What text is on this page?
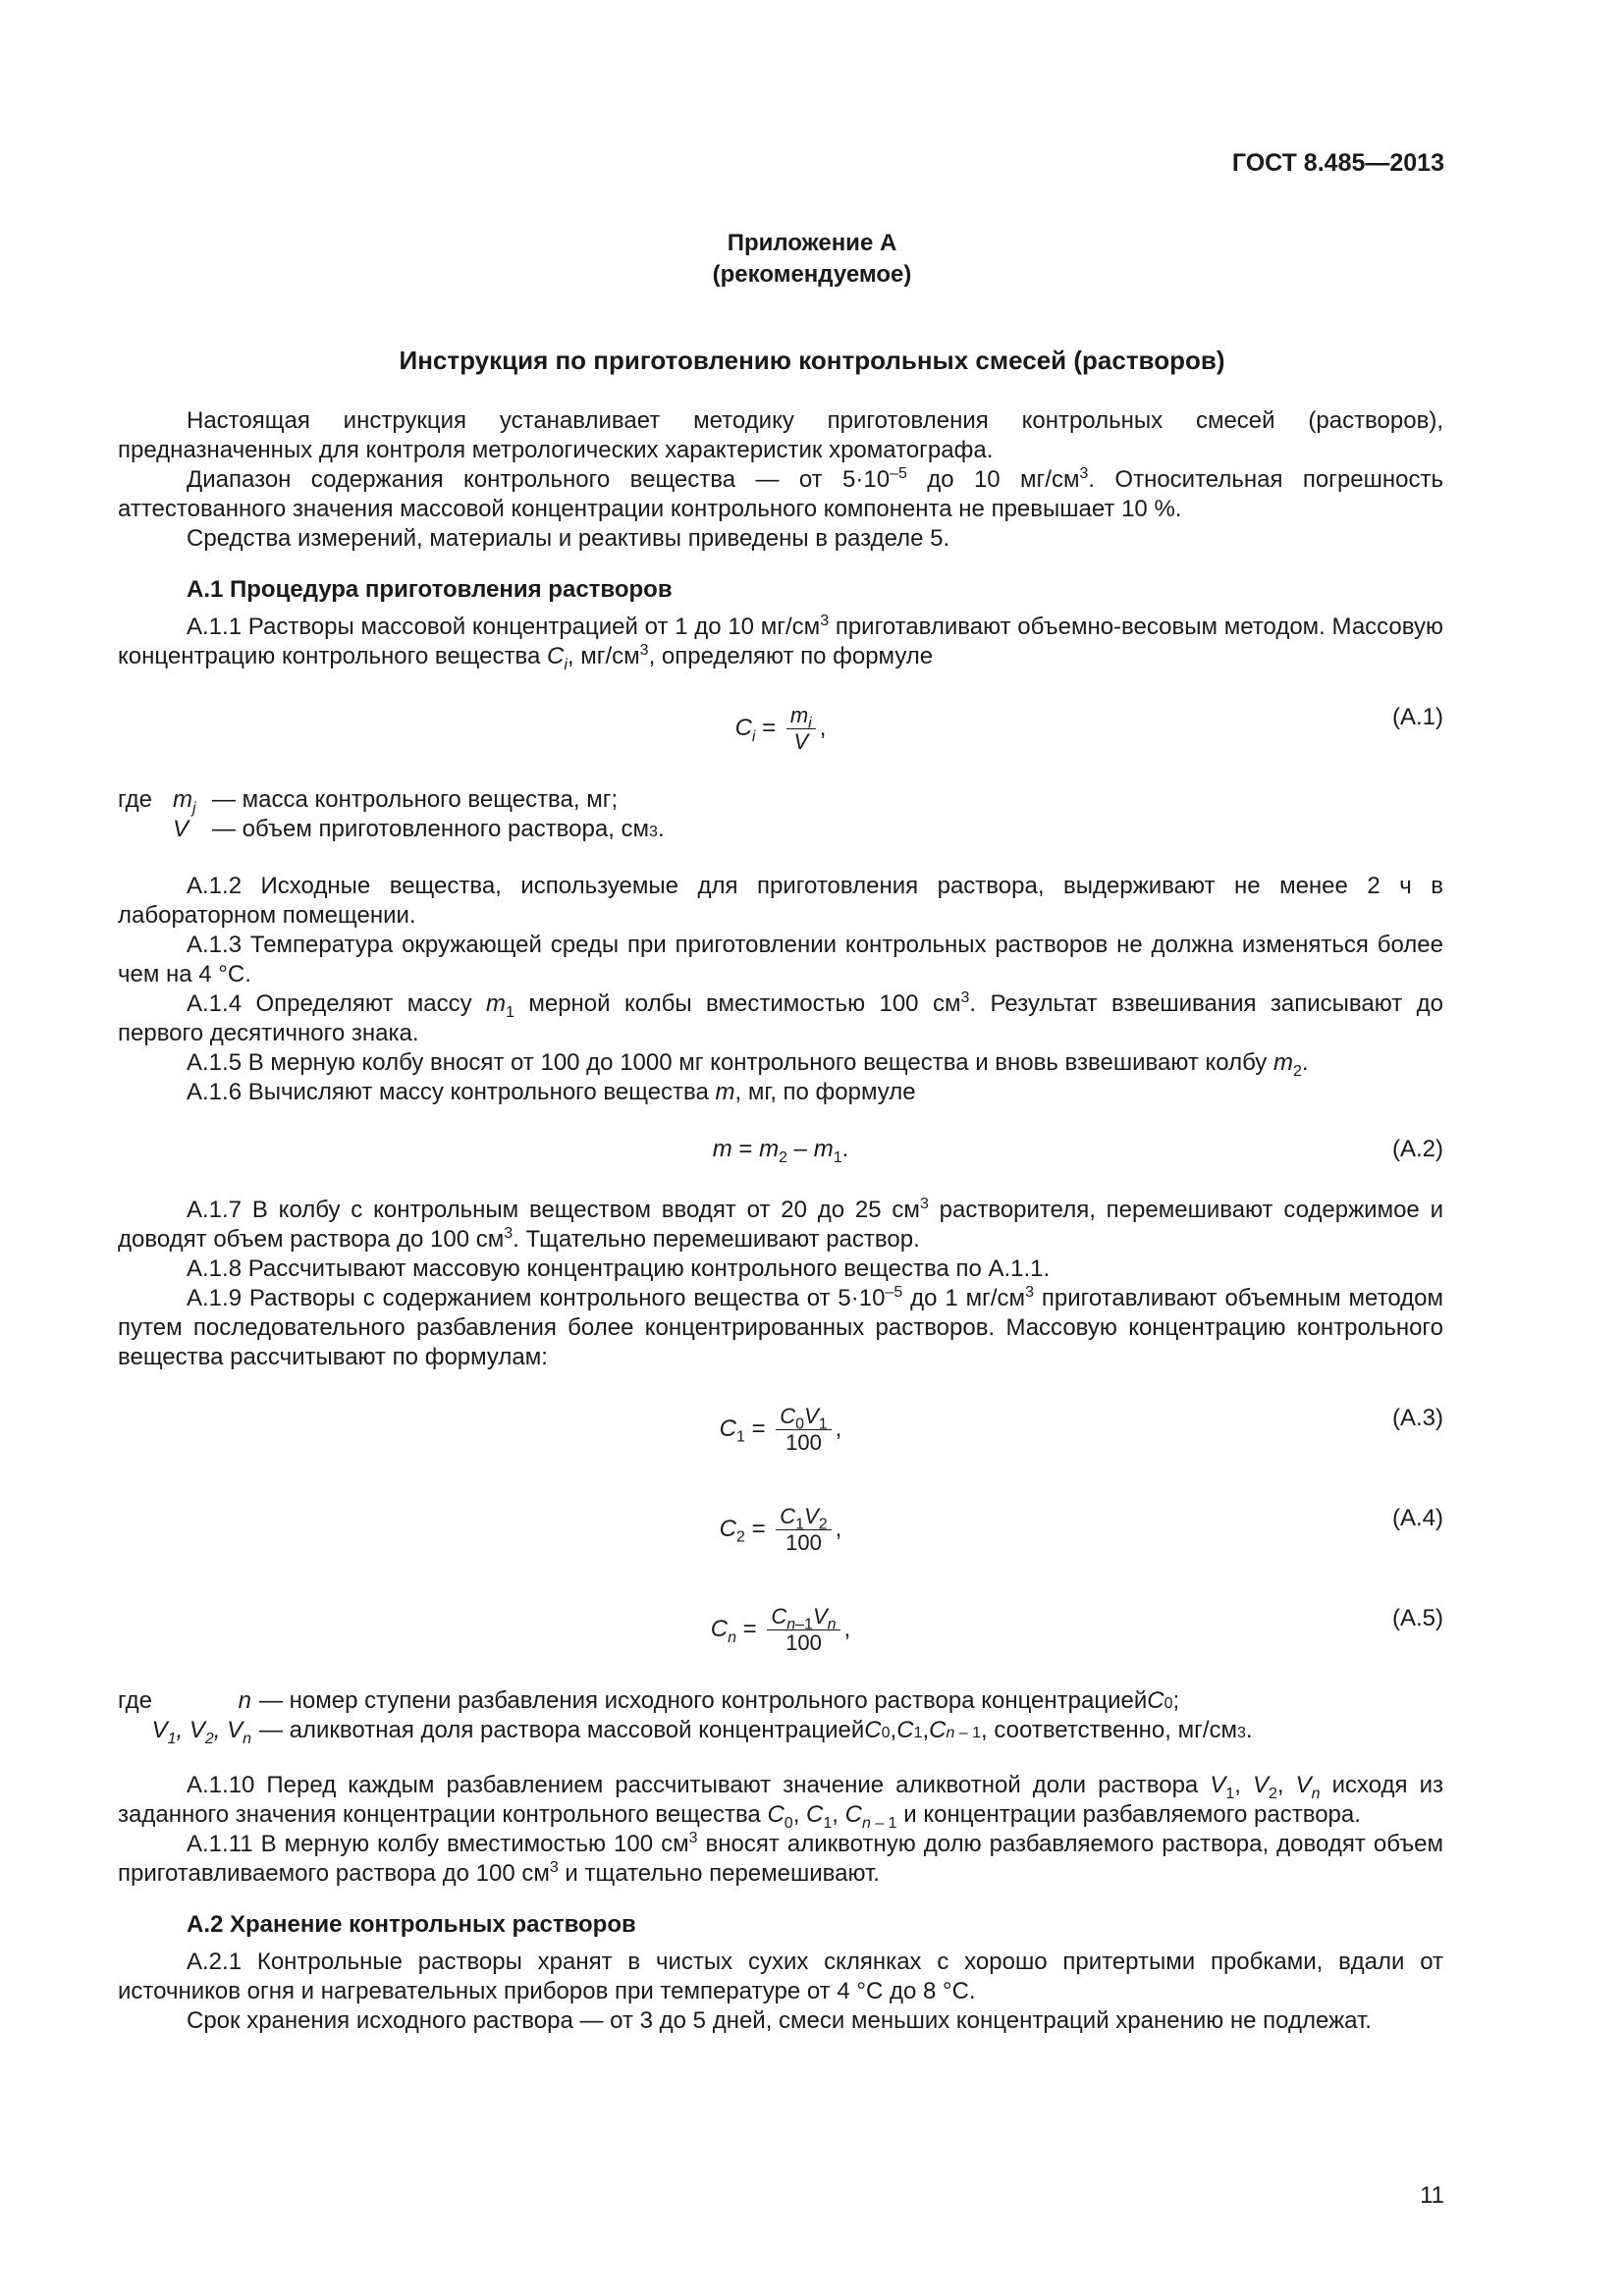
ГОСТ 8.485—2013
Приложение А
(рекомендуемое)
Инструкция по приготовлению контрольных смесей (растворов)

Настоящая инструкция устанавливает методику приготовления контрольных смесей (растворов), предназначенных для контроля метрологических характеристик хроматографа.

Диапазон содержания контрольного вещества — от $5\cdot 10^{-5}$ до 10 $мг/см^3$. Относительная погрешность аттестованного значения массовой концентрации контрольного компонента не превышает 10 %.

Средства измерений, материалы и реактивы приведены в разделе 5.

А.1 Процедура приготовления растворов

А.1.1 Растворы массовой концентрацией от 1 до 10 $мг/см^3$ приготавливают объемно-весовым методом. Массовую концентрацию контрольного вещества $C_i$, $мг/см^3$, определяют по формуле

$C_i = \frac{m_i}{V}$ ,	(А.1)
где $m_j$ — масса контрольного вещества, мг;
V — объем приготовленного раствора, см 3 .

А.1.2 Исходные вещества, используемые для приготовления раствора, выдерживают не менее 2 ч в лабораторном помещении.

А.1.3 Температура окружающей среды при приготовлении контрольных растворов не должна изменяться более чем на 4 °С.

А.1.4 Определяют массу $m_1$ мерной колбы вместимостью 100 $см^3$. Результат взвешивания записывают до первого десятичного знака.

А.1.5 В мерную колбу вносят от 100 до 1000 мг контрольного вещества и вновь взвешивают колбу $m_2$.

А.1.6 Вычисляют массу контрольного вещества m, мг, по формуле

$m = m_2 - m_1$.	(А.2)

А.1.7 В колбу с контрольным веществом вводят от 20 до 25 $см^3$ растворителя, перемешивают содержимое и доводят объем раствора до 100 $см^3$. Тщательно перемешивают раствор.

А.1.8 Рассчитывают массовую концентрацию контрольного вещества по А.1.1.

А.1.9 Растворы с содержанием контрольного вещества от $5\cdot 10^{-5}$ до 1 $мг/см^3$ приготавливают объемным методом путем последовательного разбавления более концентрированных растворов. Массовую концентрацию контрольного вещества рассчитывают по формулам:

$C_1 = \frac{C_0V_1}{100}$ ,	(А.3)
$C_2 = \frac{C_1V_2}{100}$ ,	(А.4)
$C_n = \frac{C_{n-1}V_n}{100}$ ,	(А.5)
где	n — номер ступени разбавления исходного контрольного раствора концентрацией C 0 ;
$V_1$, $V_2$, $V_n$ — аликвотная доля раствора массовой концентрацией C 0 , C 1 , C n – 1 , соответственно, мг/см 3 .

А.1.10 Перед каждым разбавлением рассчитывают значение аликвотной доли раствора $V_1$, $V_2$, $V_n$ исходя из заданного значения концентрации контрольного вещества $C_0$, $C_1$, $C_{n - 1}$ и концентрации разбавляемого раствора.

А.1.11 В мерную колбу вместимостью 100 $см^3$ вносят аликвотную долю разбавляемого раствора, доводят объем приготавливаемого раствора до 100 $см^3$ и тщательно перемешивают.

А.2 Хранение контрольных растворов

А.2.1 Контрольные растворы хранят в чистых сухих склянках с хорошо притертыми пробками, вдали от источников огня и нагревательных приборов при температуре от 4 °С до 8 °С.

Срок хранения исходного раствора — от 3 до 5 дней, смеси меньших концентраций хранению не подлежат.

11
